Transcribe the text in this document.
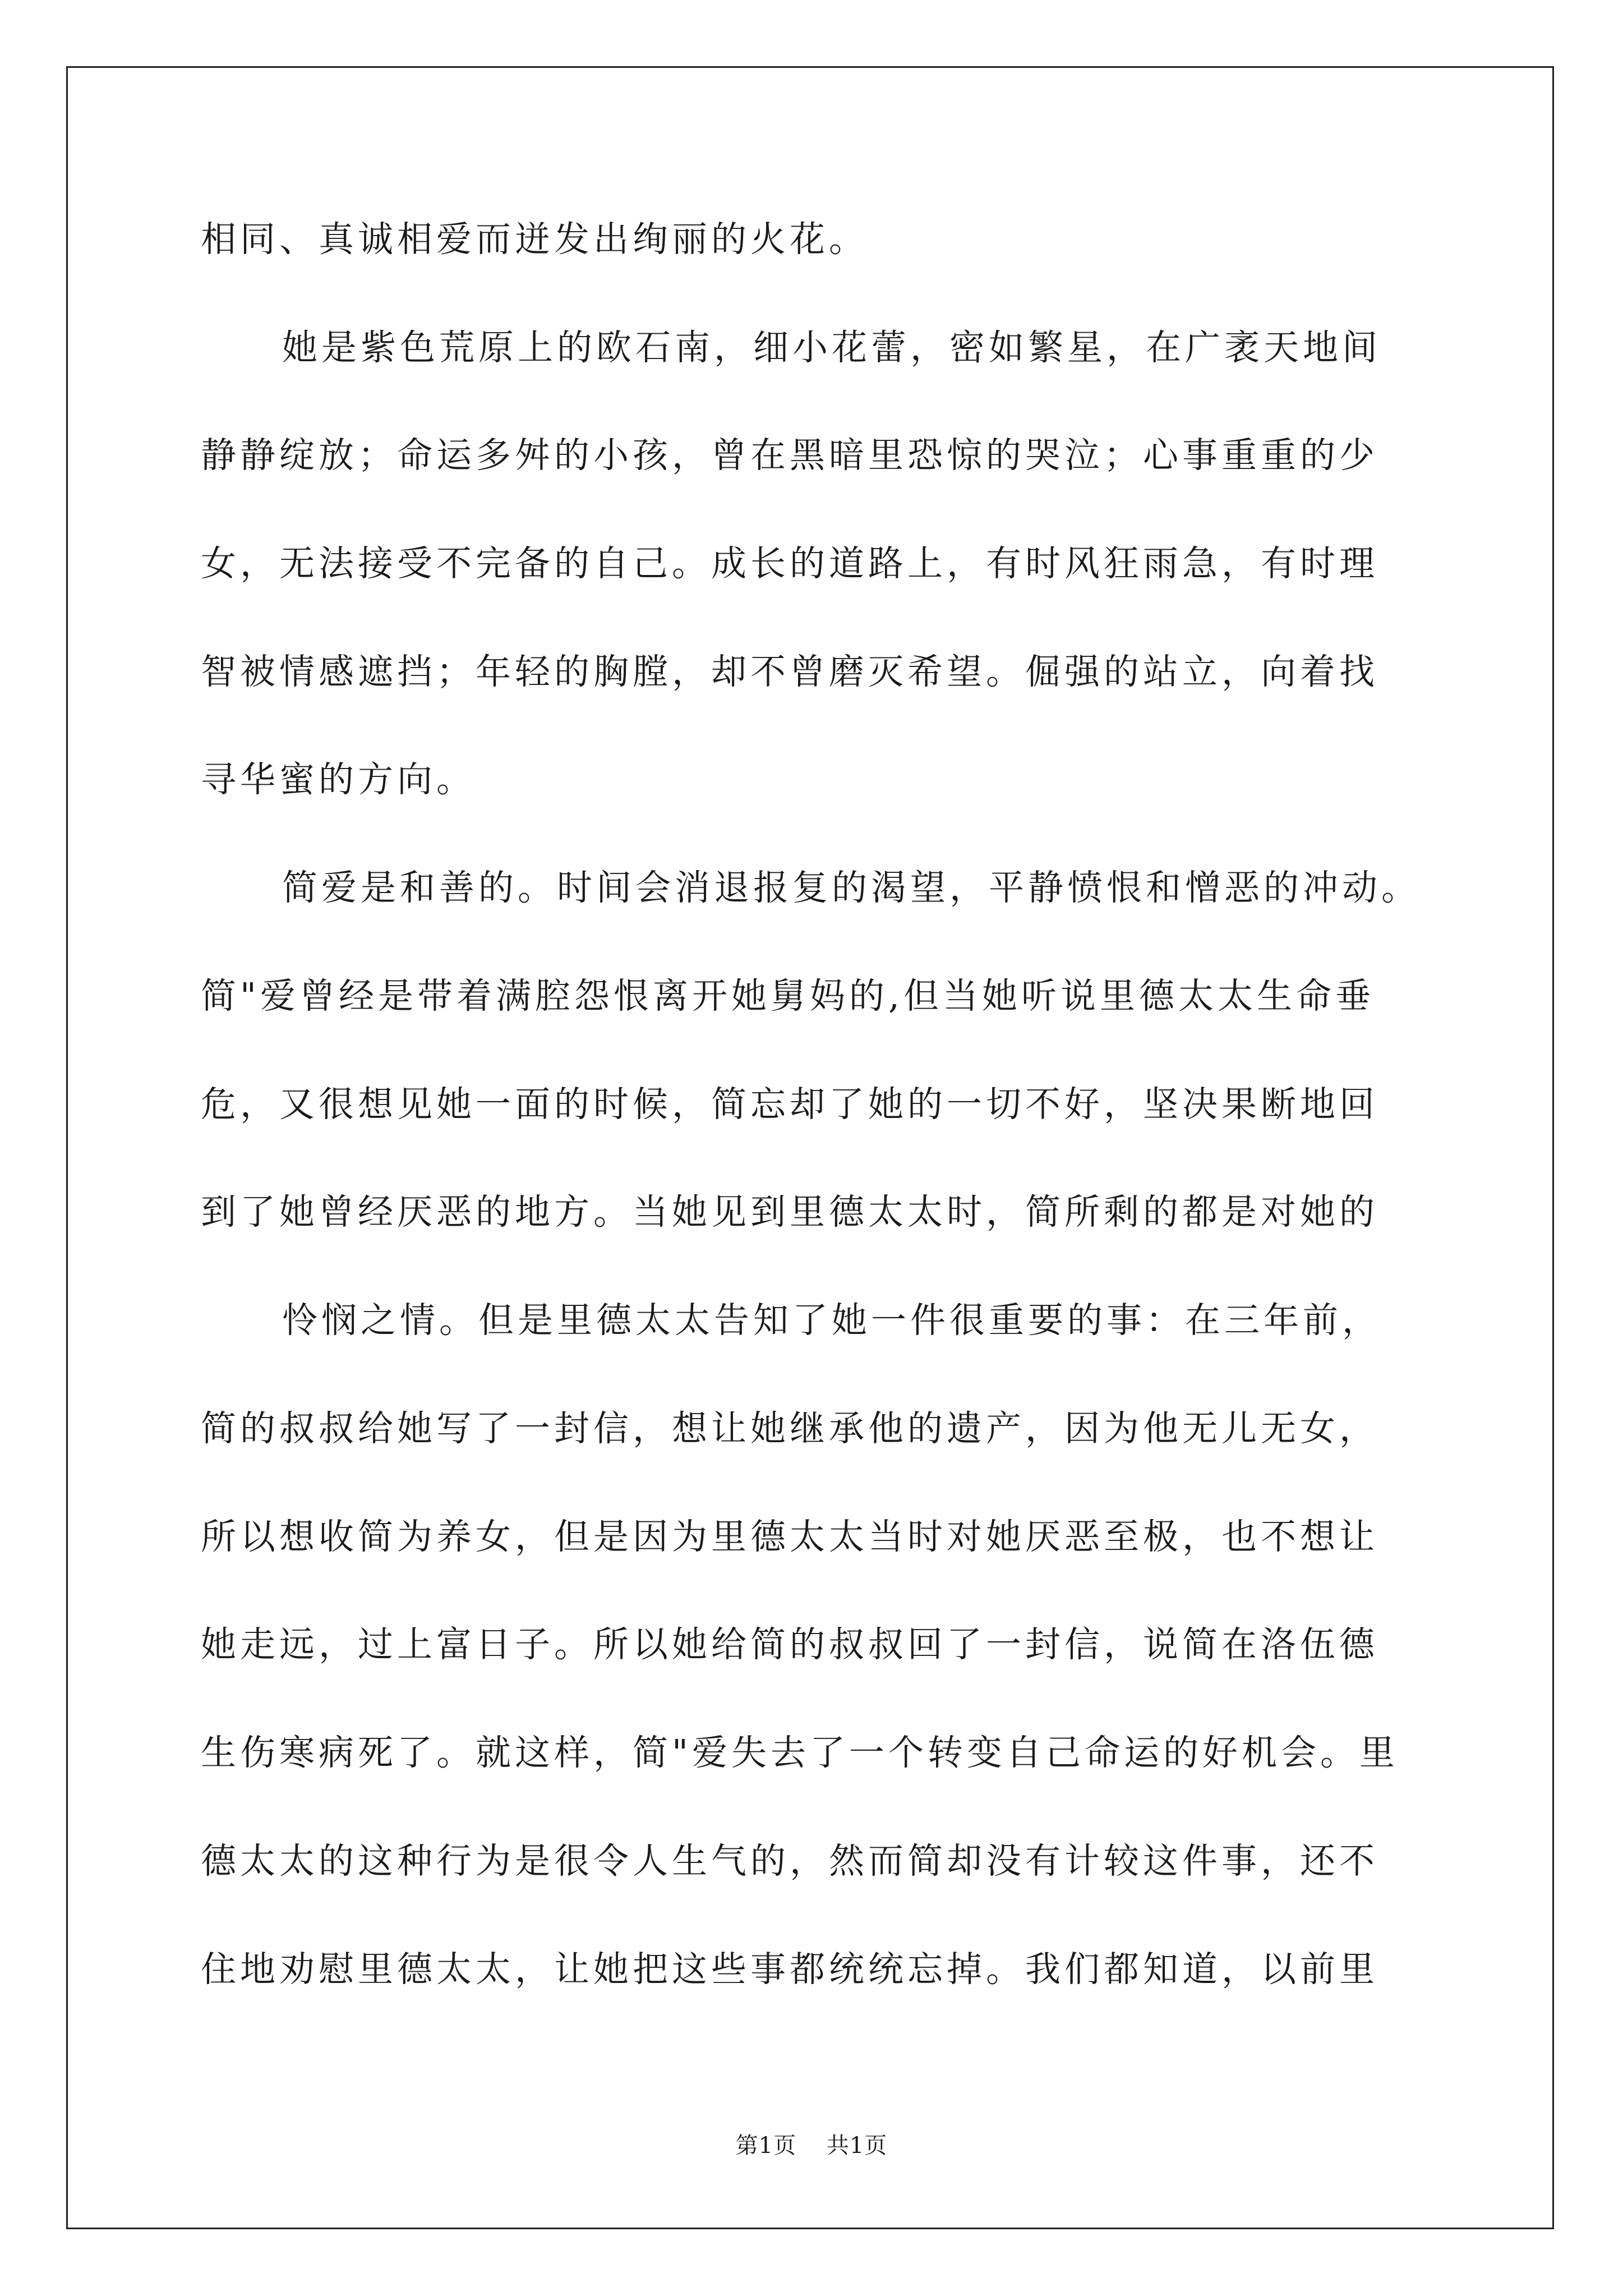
相同、真诚相爱而迸发出绚丽的火花。
她是紫色荒原上的欧石南，细小花蕾，密如繁星，在广袤天地间
静静绽放；命运多舛的小孩，曾在黑暗里恐惊的哭泣；心事重重的少
女，无法接受不完备的自己。成长的道路上，有时风狂雨急，有时理
智被情感遮挡；年轻的胸膛，却不曾磨灭希望。倔强的站立，向着找
寻华蜜的方向。
简爱是和善的。时间会消退报复的渴望，平静愤恨和憎恶的冲动。
简"爱曾经是带着满腔怨恨离开她舅妈的,但当她听说里德太太生命垂
危，又很想见她一面的时候，简忘却了她的一切不好，坚决果断地回
到了她曾经厌恶的地方。当她见到里德太太时，简所剩的都是对她的
怜悯之情。但是里德太太告知了她一件很重要的事：在三年前，
简的叔叔给她写了一封信，想让她继承他的遗产，因为他无儿无女，
所以想收简为养女，但是因为里德太太当时对她厌恶至极，也不想让
她走远，过上富日子。所以她给简的叔叔回了一封信，说简在洛伍德
生伤寒病死了。就这样，简"爱失去了一个转变自己命运的好机会。里
德太太的这种行为是很令人生气的，然而简却没有计较这件事，还不
住地劝慰里德太太，让她把这些事都统统忘掉。我们都知道，以前里
第1页 共1页
